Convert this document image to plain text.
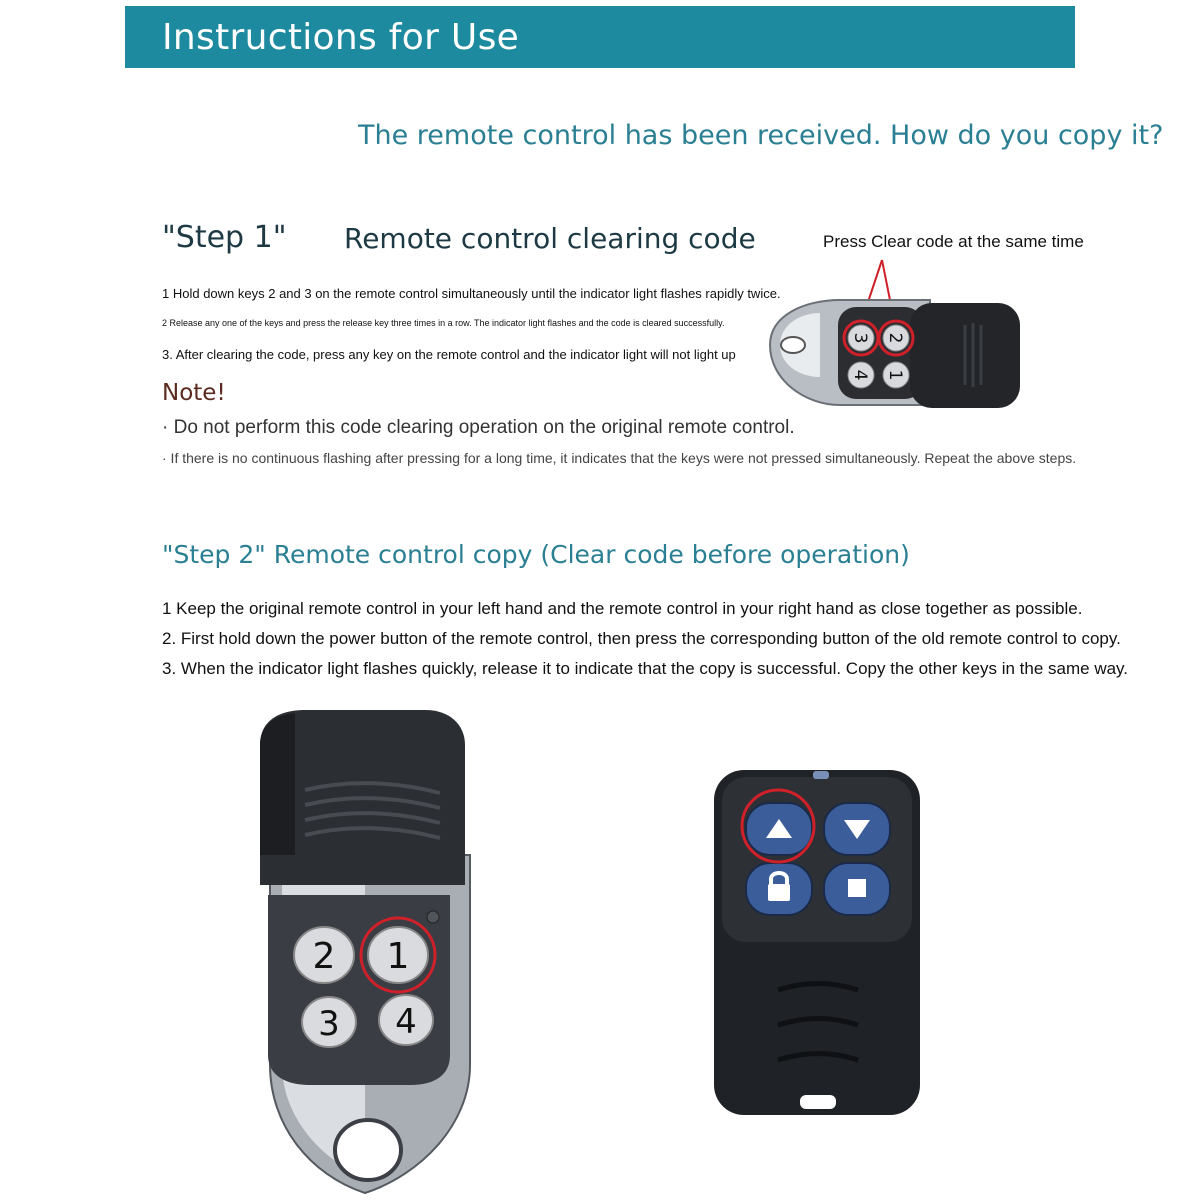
Instructions for Use
The remote control has been received. How do you copy it?
"Step 1" Remote control clearing code	Press Clear code at the same time
1 Hold down keys 2 and 3 on the remote control simultaneously until the indicator light flashes rapidly twice.
2 Release any one of the keys and press the release key three times in a row. The indicator light flashes and the code is cleared successfully.
3. After clearing the code, press any key on the remote control and the indicator light will not light up
Note!
· Do not perform this code clearing operation on the original remote control.
· If there is no continuous flashing after pressing for a long time, it indicates that the keys were not pressed simultaneously. Repeat the above steps.
3 2
4 1
"Step 2" Remote control copy (Clear code before operation)
1 Keep the original remote control in your left hand and the remote control in your right hand as close together as possible.
2. First hold down the power button of the remote control, then press the corresponding button of the old remote control to copy.
3. When the indicator light flashes quickly, release it to indicate that the copy is successful. Copy the other keys in the same way.
2 1
3 4
